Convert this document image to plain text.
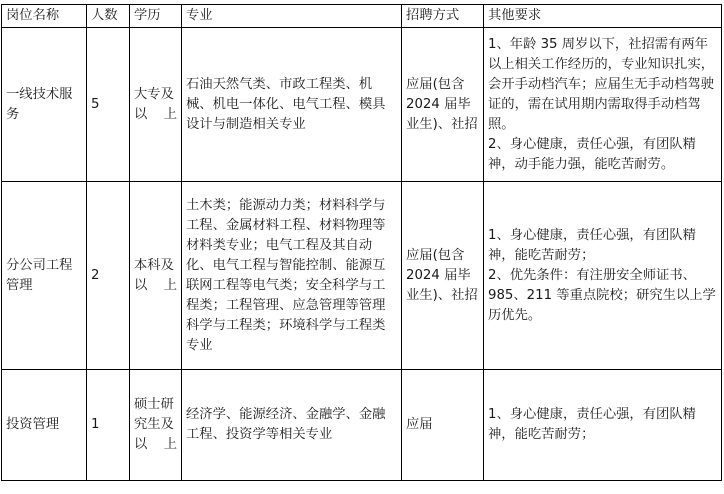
岗位名称	人数	学历	专业	招聘方式	其他要求
一线技术服务	5	大专及以上	石油天然气类、市政工程类、机械、机电一体化、电气工程、模具设计与制造相关专业	应届(包含2024 届毕业生)、社招	1、年龄 35 周岁以下，社招需有两年以上相关工作经历的，专业知识扎实，会开手动档汽车；应届生无手动档驾驶证的，需在试用期内需取得手动档驾照。
2、身心健康，责任心强，有团队精神，动手能力强，能吃苦耐劳。

分公司工程管理	2	本科及以上	土木类；能源动力类；材料科学与工程、金属材料工程、材料物理等材料类专业；电气工程及其自动化、电气工程与智能控制、能源互联网工程等电气类；安全科学与工程类；工程管理、应急管理等管理科学与工程类；环境科学与工程类专业	应届(包含2024 届毕业生)、社招	1、身心健康，责任心强，有团队精神，能吃苦耐劳；
2、优先条件：有注册安全师证书、985、211 等重点院校；研究生以上学历优先。

投资管理	1	硕士研究生及以上	经济学、能源经济、金融学、金融工程、投资学等相关专业	应届	1、身心健康，责任心强，有团队精神，能吃苦耐劳；
